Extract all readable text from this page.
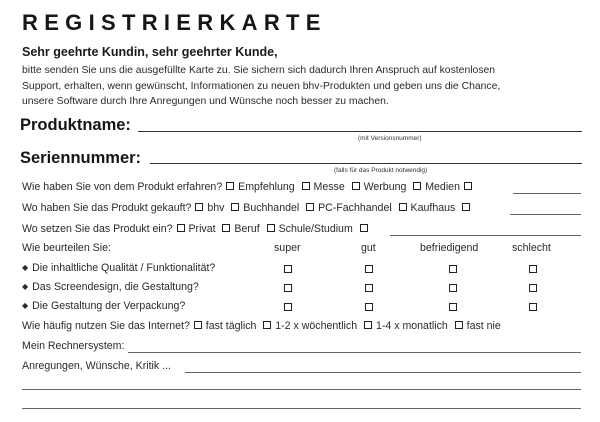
REGISTRIERKARTE
Sehr geehrte Kundin, sehr geehrter Kunde,
bitte senden Sie uns die ausgefüllte Karte zu. Sie sichern sich dadurch Ihren Anspruch auf kostenlosen
Support, erhalten, wenn gewünscht, Informationen zu neuen bhv-Produkten und geben uns die Chance,
unsere Software durch Ihre Anregungen und Wünsche noch besser zu machen.
Produktname:
(mit Versionsnummer)
Seriennummer:
(falls für das Produkt notwendig)
Wie haben Sie von dem Produkt erfahren? Empfehlung Messe Werbung Medien
Wo haben Sie das Produkt gekauft? bhv Buchhandel PC-Fachhandel Kaufhaus
Wo setzen Sie das Produkt ein? Privat Beruf Schule/Studium
Wie beurteilen Sie:	super	gut	befriedigend	schlecht
◆ Die inhaltliche Qualität / Funktionalität?
◆ Das Screendesign, die Gestaltung?
◆ Die Gestaltung der Verpackung?
Wie häufig nutzen Sie das Internet? fast täglich 1-2 x wöchentlich 1-4 x monatlich fast nie
Mein Rechnersystem:
Anregungen, Wünsche, Kritik ...
